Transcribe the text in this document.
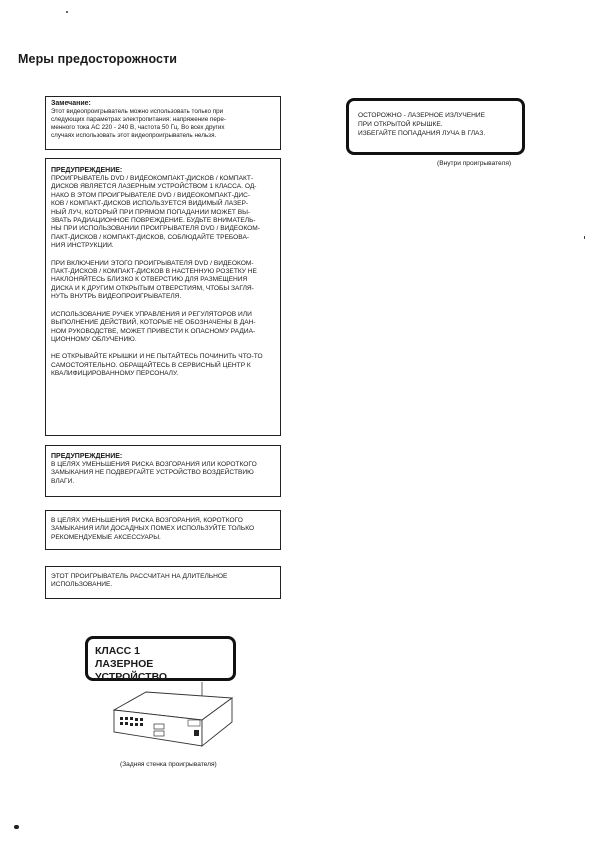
Меры предосторожности
Замечание:
Этот видеопроигрыватель можно использовать только при
следующих параметрах электропитания: напряжение пере-
менного тока AC 220 - 240 В, частота 50 Гц. Во всех других
случаях использовать этот видеопроигрыватель нельзя.
ОСТОРОЖНО - ЛАЗЕРНОЕ ИЗЛУЧЕНИЕ
ПРИ ОТКРЫТОЙ КРЫШКЕ.
ИЗБЕГАЙТЕ ПОПАДАНИЯ ЛУЧА В ГЛАЗ.
(Внутри проигрывателя)
ПРЕДУПРЕЖДЕНИЕ:
ПРОИГРЫВАТЕЛЬ DVD / ВИДЕОКОМПАКТ-ДИСКОВ / КОМПАКТ-
ДИСКОВ ЯВЛЯЕТСЯ ЛАЗЕРНЫМ УСТРОЙСТВОМ 1 КЛАССА. ОД-
НАКО В ЭТОМ ПРОИГРЫВАТЕЛЕ DVD / ВИДЕОКОМПАКТ-ДИС-
КОВ / КОМПАКТ-ДИСКОВ ИСПОЛЬЗУЕТСЯ ВИДИМЫЙ ЛАЗЕР-
НЫЙ ЛУЧ, КОТОРЫЙ ПРИ ПРЯМОМ ПОПАДАНИИ МОЖЕТ ВЫ-
ЗВАТЬ РАДИАЦИОННОЕ ПОВРЕЖДЕНИЕ. БУДЬТЕ ВНИМАТЕЛЬ-
НЫ ПРИ ИСПОЛЬЗОВАНИИ ПРОИГРЫВАТЕЛЯ DVD / ВИДЕОКОМ-
ПАКТ-ДИСКОВ / КОМПАКТ-ДИСКОВ, СОБЛЮДАЙТЕ ТРЕБОВА-
НИЯ ИНСТРУКЦИИ.
ПРИ ВКЛЮЧЕНИИ ЭТОГО ПРОИГРЫВАТЕЛЯ DVD / ВИДЕОКОМ-
ПАКТ-ДИСКОВ / КОМПАКТ-ДИСКОВ В НАСТЕННУЮ РОЗЕТКУ НЕ
НАКЛОНЯЙТЕСЬ БЛИЗКО К ОТВЕРСТИЮ ДЛЯ РАЗМЕЩЕНИЯ
ДИСКА И К ДРУГИМ ОТКРЫТЫМ ОТВЕРСТИЯМ, ЧТОБЫ ЗАГЛЯ-
НУТЬ ВНУТРЬ ВИДЕОПРОИГРЫВАТЕЛЯ.
ИСПОЛЬЗОВАНИЕ РУЧЕК УПРАВЛЕНИЯ И РЕГУЛЯТОРОВ ИЛИ
ВЫПОЛНЕНИЕ ДЕЙСТВИЙ, КОТОРЫЕ НЕ ОБОЗНАЧЕНЫ В ДАН-
НОМ РУКОВОДСТВЕ, МОЖЕТ ПРИВЕСТИ К ОПАСНОМУ РАДИА-
ЦИОННОМУ ОБЛУЧЕНИЮ.
НЕ ОТКРЫВАЙТЕ КРЫШКИ И НЕ ПЫТАЙТЕСЬ ПОЧИНИТЬ ЧТО-ТО
САМОСТОЯТЕЛЬНО. ОБРАЩАЙТЕСЬ В СЕРВИСНЫЙ ЦЕНТР К
КВАЛИФИЦИРОВАННОМУ ПЕРСОНАЛУ.
ПРЕДУПРЕЖДЕНИЕ:
В ЦЕЛЯХ УМЕНЬШЕНИЯ РИСКА ВОЗГОРАНИЯ ИЛИ КОРОТКОГО
ЗАМЫКАНИЯ НЕ ПОДВЕРГАЙТЕ УСТРОЙСТВО ВОЗДЕЙСТВИЮ
ВЛАГИ.
В ЦЕЛЯХ УМЕНЬШЕНИЯ РИСКА ВОЗГОРАНИЯ, КОРОТКОГО
ЗАМЫКАНИЯ ИЛИ ДОСАДНЫХ ПОМЕХ ИСПОЛЬЗУЙТЕ ТОЛЬКО
РЕКОМЕНДУЕМЫЕ АКСЕССУАРЫ.
ЭТОТ ПРОИГРЫВАТЕЛЬ РАССЧИТАН НА ДЛИТЕЛЬНОЕ
ИСПОЛЬЗОВАНИЕ.
КЛАСС 1
ЛАЗЕРНОЕ УСТРОЙСТВО
(Задняя стенка проигрывателя)
